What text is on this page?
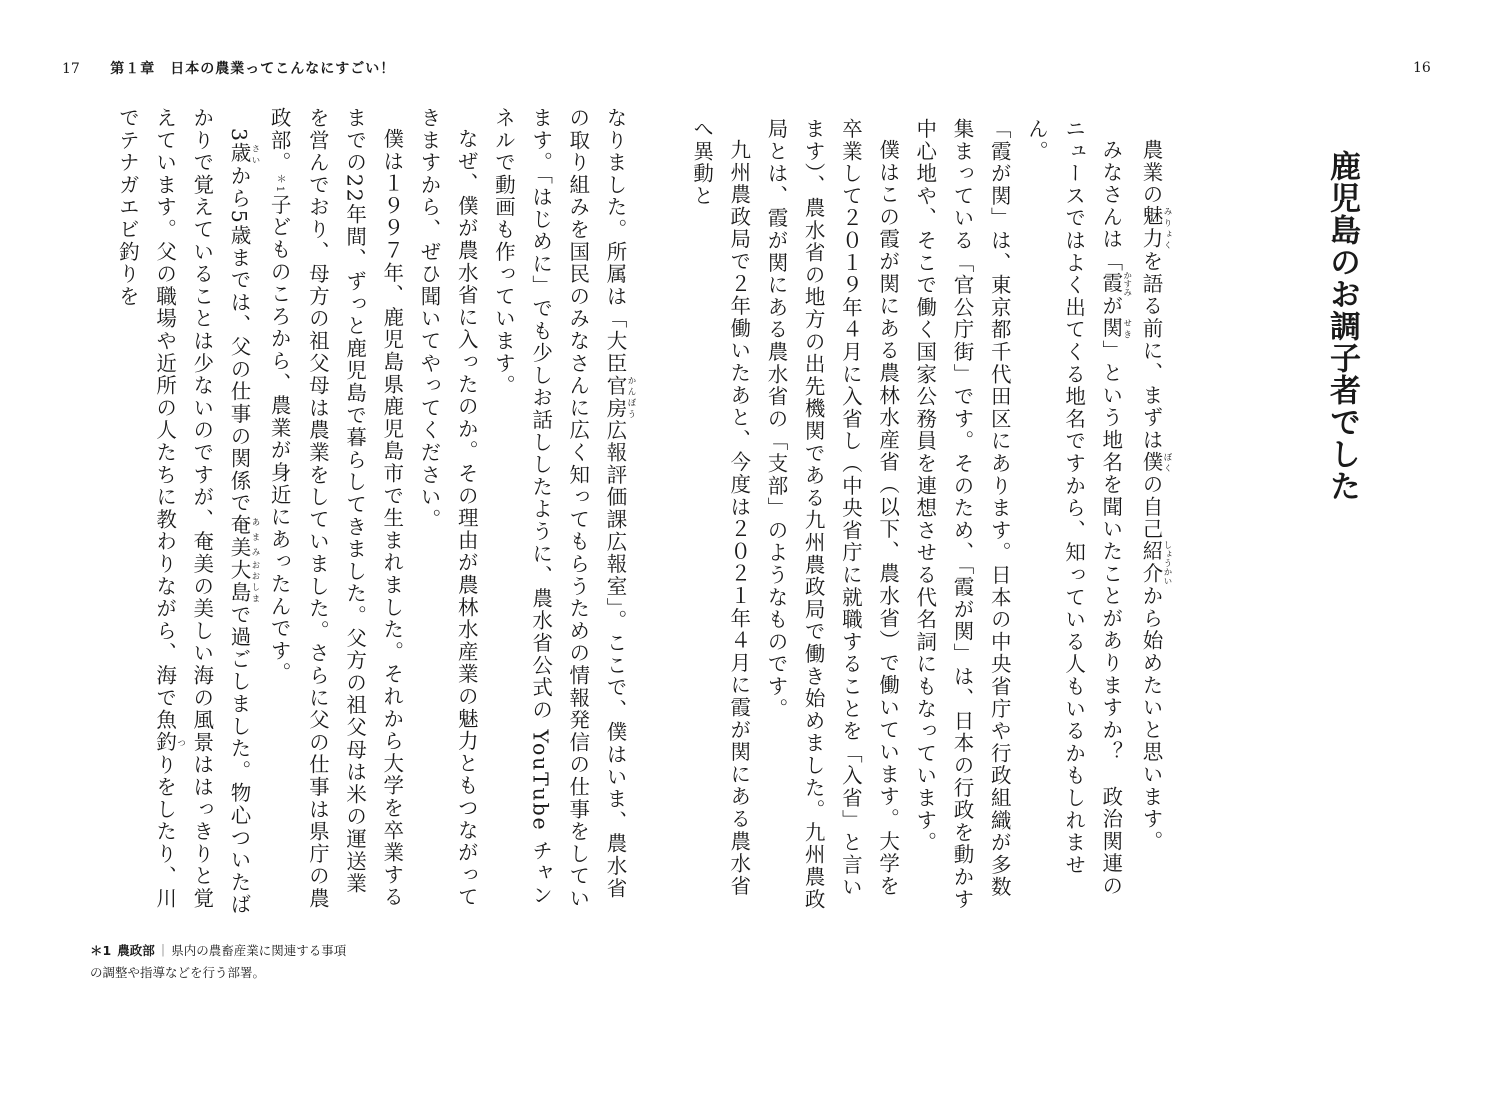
17 第１章　日本の農業ってこんなにすごい！	16
鹿児島のお調子者でした

農業の魅力 みりょくを語る前に、まずは僕 ぼくの自己紹介 しょうかいから始めたいと思います。

みなさんは「霞 かすみが関 せき」という地名を聞いたことがありますか？　政治関連のニュースではよく出てくる地名ですから、知っている人もいるかもしれません。

「霞が関」は、東京都千代田区にあります。日本の中央省庁や行政組織が多数集まっている「官公庁街」です。そのため、「霞が関」は、日本の行政を動かす中心地や、そこで働く国家公務員を連想させる代名詞にもなっています。

僕はこの霞が関にある農林水産省（以下、農水省）で働いています。大学を卒業して２０１９年４月に入省し（中央省庁に就職することを「入省」と言います）、農水省の地方の出先機関である九州農政局で働き始めました。九州農政局とは、霞が関にある農水省の「支部」のようなものです。

九州農政局で２年働いたあと、今度は２０２１年４月に霞が関にある農水省へ異動と

なりました。所属は「大臣官房 かんぼう広報評価課広報室」。ここで、僕はいま、農水省の取り組みを国民のみなさんに広く知ってもらうための情報発信の仕事をしています。「はじめに」でも少しお話ししたように、農水省公式の YouTube チャンネルで動画も作っています。

なぜ、僕が農水省に入ったのか。その理由が農林水産業の魅力ともつながってきますから、ぜひ聞いてやってください。

僕は１９９７年、鹿児島県鹿児島市で生まれました。それから大学を卒業するまでの22年間、ずっと鹿児島で暮らしてきました。父方の祖父母は米の運送業を営んでおり、母方の祖父母は農業をしていました。さらに父の仕事は県庁の農政部。＊1子どものころから、農業が身近にあったんです。

3歳 さいから5歳までは、父の仕事の関係で奄美 あまみ大島 おおしまで過ごしました。物心ついたばかりで覚えていることは少ないのですが、奄美の美しい海の風景ははっきりと覚えています。父の職場や近所の人たちに教わりながら、海で魚釣 つりをしたり、川でテナガエビ釣りを

＊1 農政部 ｜ 県内の農畜産業に関連する事項の調整や指導などを行う部署。
